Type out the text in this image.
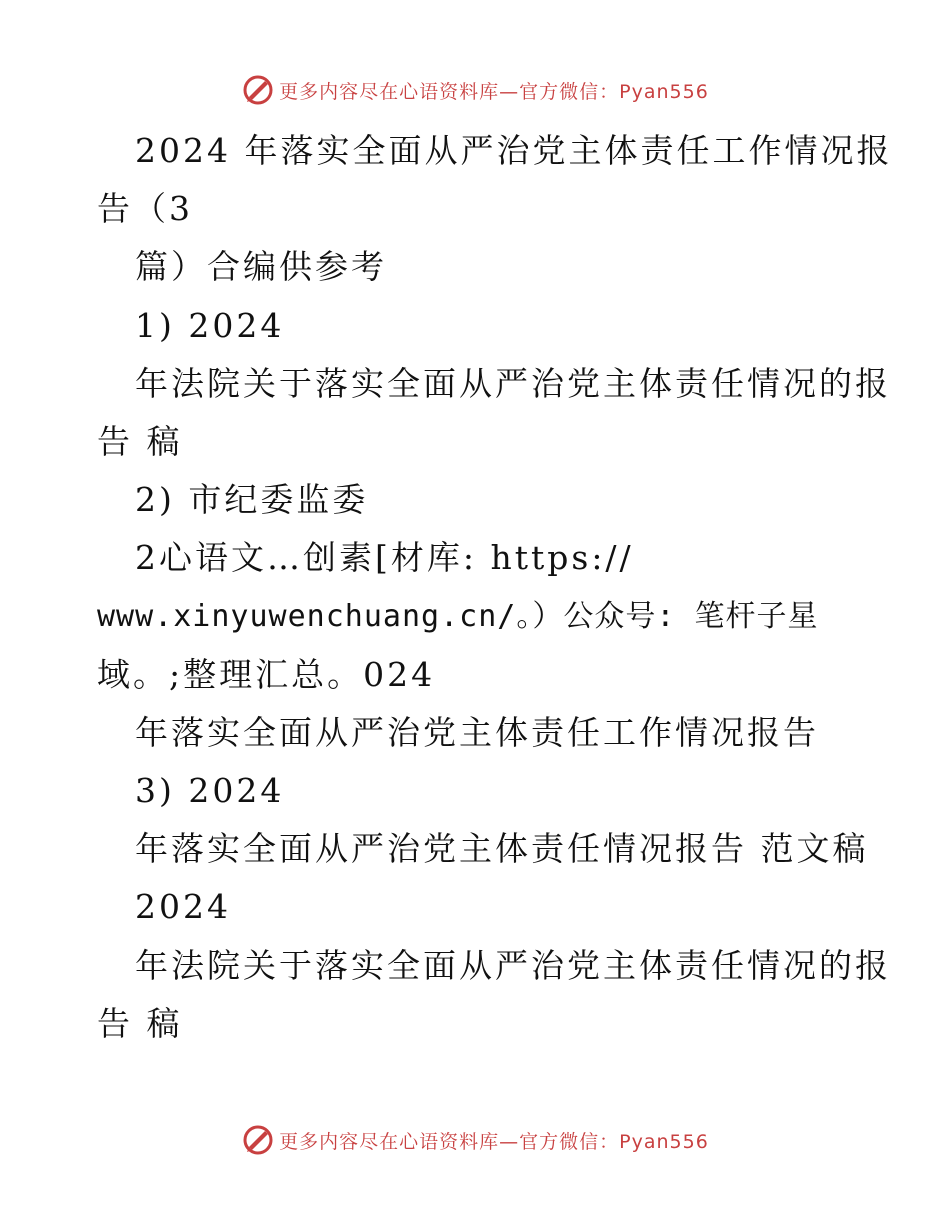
更多内容尽在心语资料库—官方微信：Pyan556
2024 年落实全面从严治党主体责任工作情况报
告（3
篇）合编供参考
1) 2024
年法院关于落实全面从严治党主体责任情况的报
告 稿
2) 市纪委监委
2心语文…创素[材库: https://
www.xinyuwenchuang.cn/。）公众号: 笔杆子星
域。;整理汇总。024
年落实全面从严治党主体责任工作情况报告
3) 2024
年落实全面从严治党主体责任情况报告 范文稿
2024
年法院关于落实全面从严治党主体责任情况的报
告 稿
更多内容尽在心语资料库—官方微信：Pyan556
